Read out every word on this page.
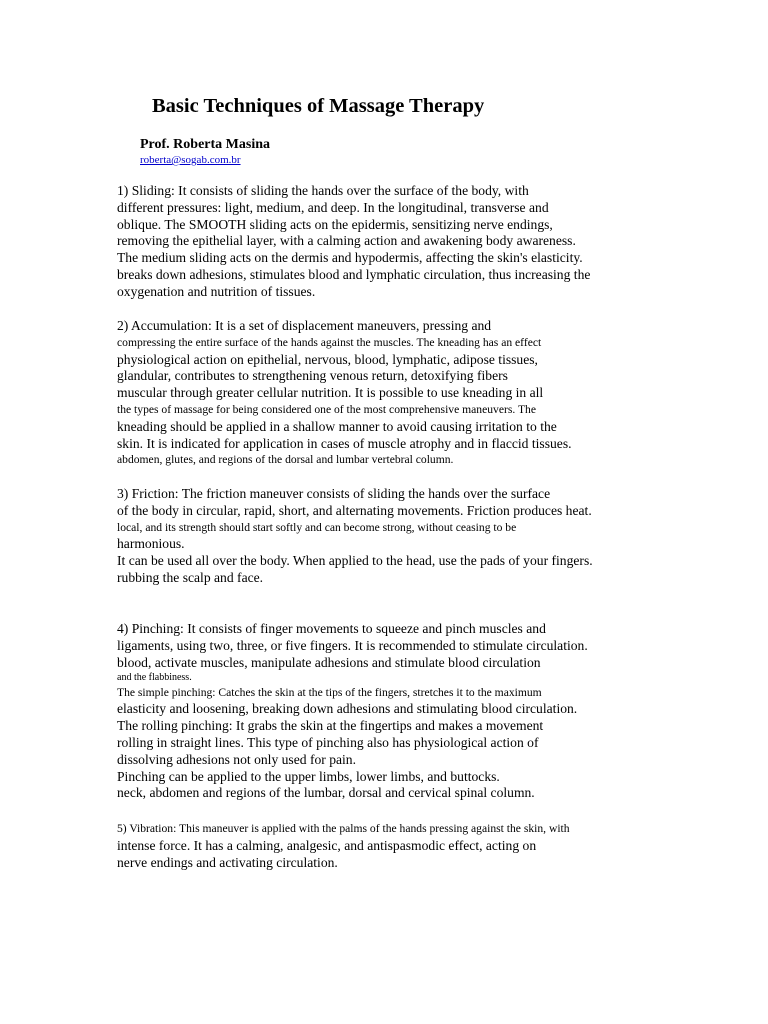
Basic Techniques of Massage Therapy
Prof. Roberta Masina
roberta@sogab.com.br
1) Sliding: It consists of sliding the hands over the surface of the body, with
different pressures: light, medium, and deep. In the longitudinal, transverse and
oblique. The SMOOTH sliding acts on the epidermis, sensitizing nerve endings,
removing the epithelial layer, with a calming action and awakening body awareness.
The medium sliding acts on the dermis and hypodermis, affecting the skin's elasticity.
breaks down adhesions, stimulates blood and lymphatic circulation, thus increasing the
oxygenation and nutrition of tissues.
2) Accumulation: It is a set of displacement maneuvers, pressing and
compressing the entire surface of the hands against the muscles. The kneading has an effect
physiological action on epithelial, nervous, blood, lymphatic, adipose tissues,
glandular, contributes to strengthening venous return, detoxifying fibers
muscular through greater cellular nutrition. It is possible to use kneading in all
the types of massage for being considered one of the most comprehensive maneuvers. The
kneading should be applied in a shallow manner to avoid causing irritation to the
skin. It is indicated for application in cases of muscle atrophy and in flaccid tissues.
abdomen, glutes, and regions of the dorsal and lumbar vertebral column.
3) Friction: The friction maneuver consists of sliding the hands over the surface
of the body in circular, rapid, short, and alternating movements. Friction produces heat.
local, and its strength should start softly and can become strong, without ceasing to be
harmonious.
It can be used all over the body. When applied to the head, use the pads of your fingers.
rubbing the scalp and face.
4) Pinching: It consists of finger movements to squeeze and pinch muscles and
ligaments, using two, three, or five fingers. It is recommended to stimulate circulation.
blood, activate muscles, manipulate adhesions and stimulate blood circulation
and the flabbiness.
The simple pinching: Catches the skin at the tips of the fingers, stretches it to the maximum
elasticity and loosening, breaking down adhesions and stimulating blood circulation.
The rolling pinching: It grabs the skin at the fingertips and makes a movement
rolling in straight lines. This type of pinching also has physiological action of
dissolving adhesions not only used for pain.
Pinching can be applied to the upper limbs, lower limbs, and buttocks.
neck, abdomen and regions of the lumbar, dorsal and cervical spinal column.
5) Vibration: This maneuver is applied with the palms of the hands pressing against the skin, with
intense force. It has a calming, analgesic, and antispasmodic effect, acting on
nerve endings and activating circulation.
